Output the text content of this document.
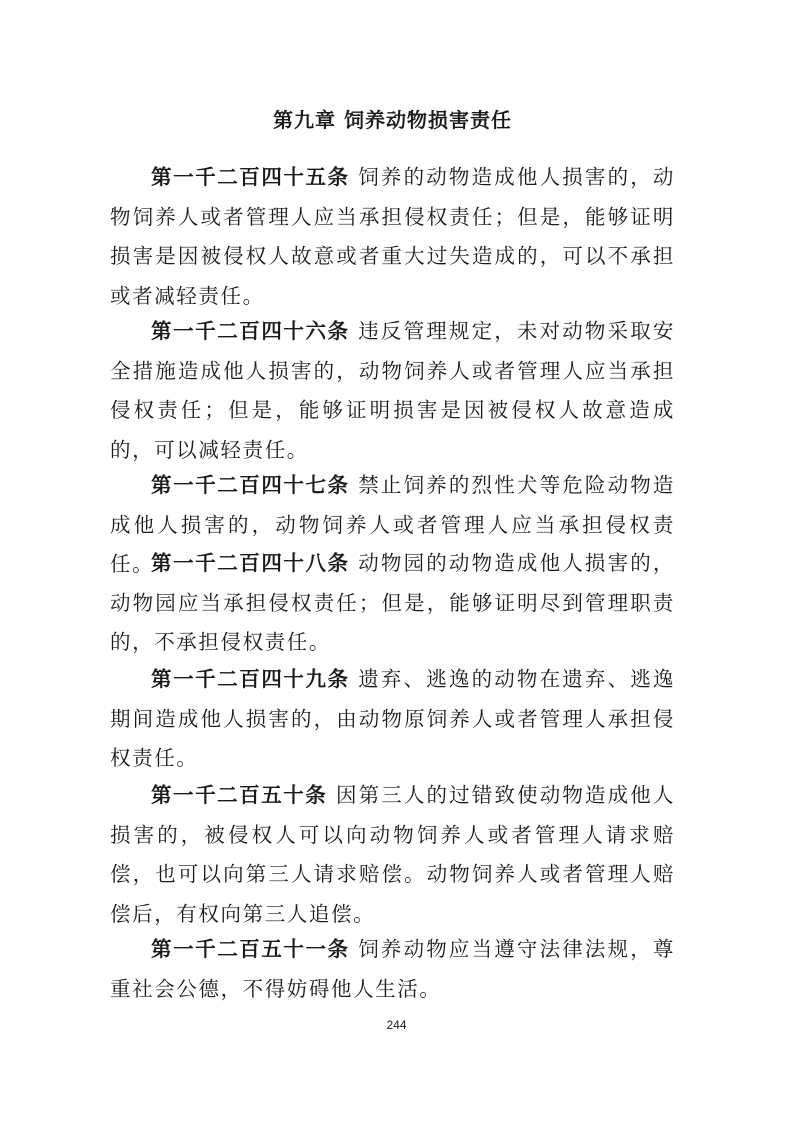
第九章 饲养动物损害责任

第一千二百四十五条 饲养的动物造成他人损害的，动物饲养人或者管理人应当承担侵权责任；但是，能够证明损害是因被侵权人故意或者重大过失造成的，可以不承担或者减轻责任。

第一千二百四十六条 违反管理规定，未对动物采取安全措施造成他人损害的，动物饲养人或者管理人应当承担侵权责任；但是，能够证明损害是因被侵权人故意造成的，可以减轻责任。

第一千二百四十七条 禁止饲养的烈性犬等危险动物造成他人损害的，动物饲养人或者管理人应当承担侵权责任。

第一千二百四十八条 动物园的动物造成他人损害的，动物园应当承担侵权责任；但是，能够证明尽到管理职责的，不承担侵权责任。

第一千二百四十九条 遗弃、逃逸的动物在遗弃、逃逸期间造成他人损害的，由动物原饲养人或者管理人承担侵权责任。

第一千二百五十条 因第三人的过错致使动物造成他人损害的，被侵权人可以向动物饲养人或者管理人请求赔偿，也可以向第三人请求赔偿。动物饲养人或者管理人赔偿后，有权向第三人追偿。

第一千二百五十一条 饲养动物应当遵守法律法规，尊重社会公德，不得妨碍他人生活。

244
